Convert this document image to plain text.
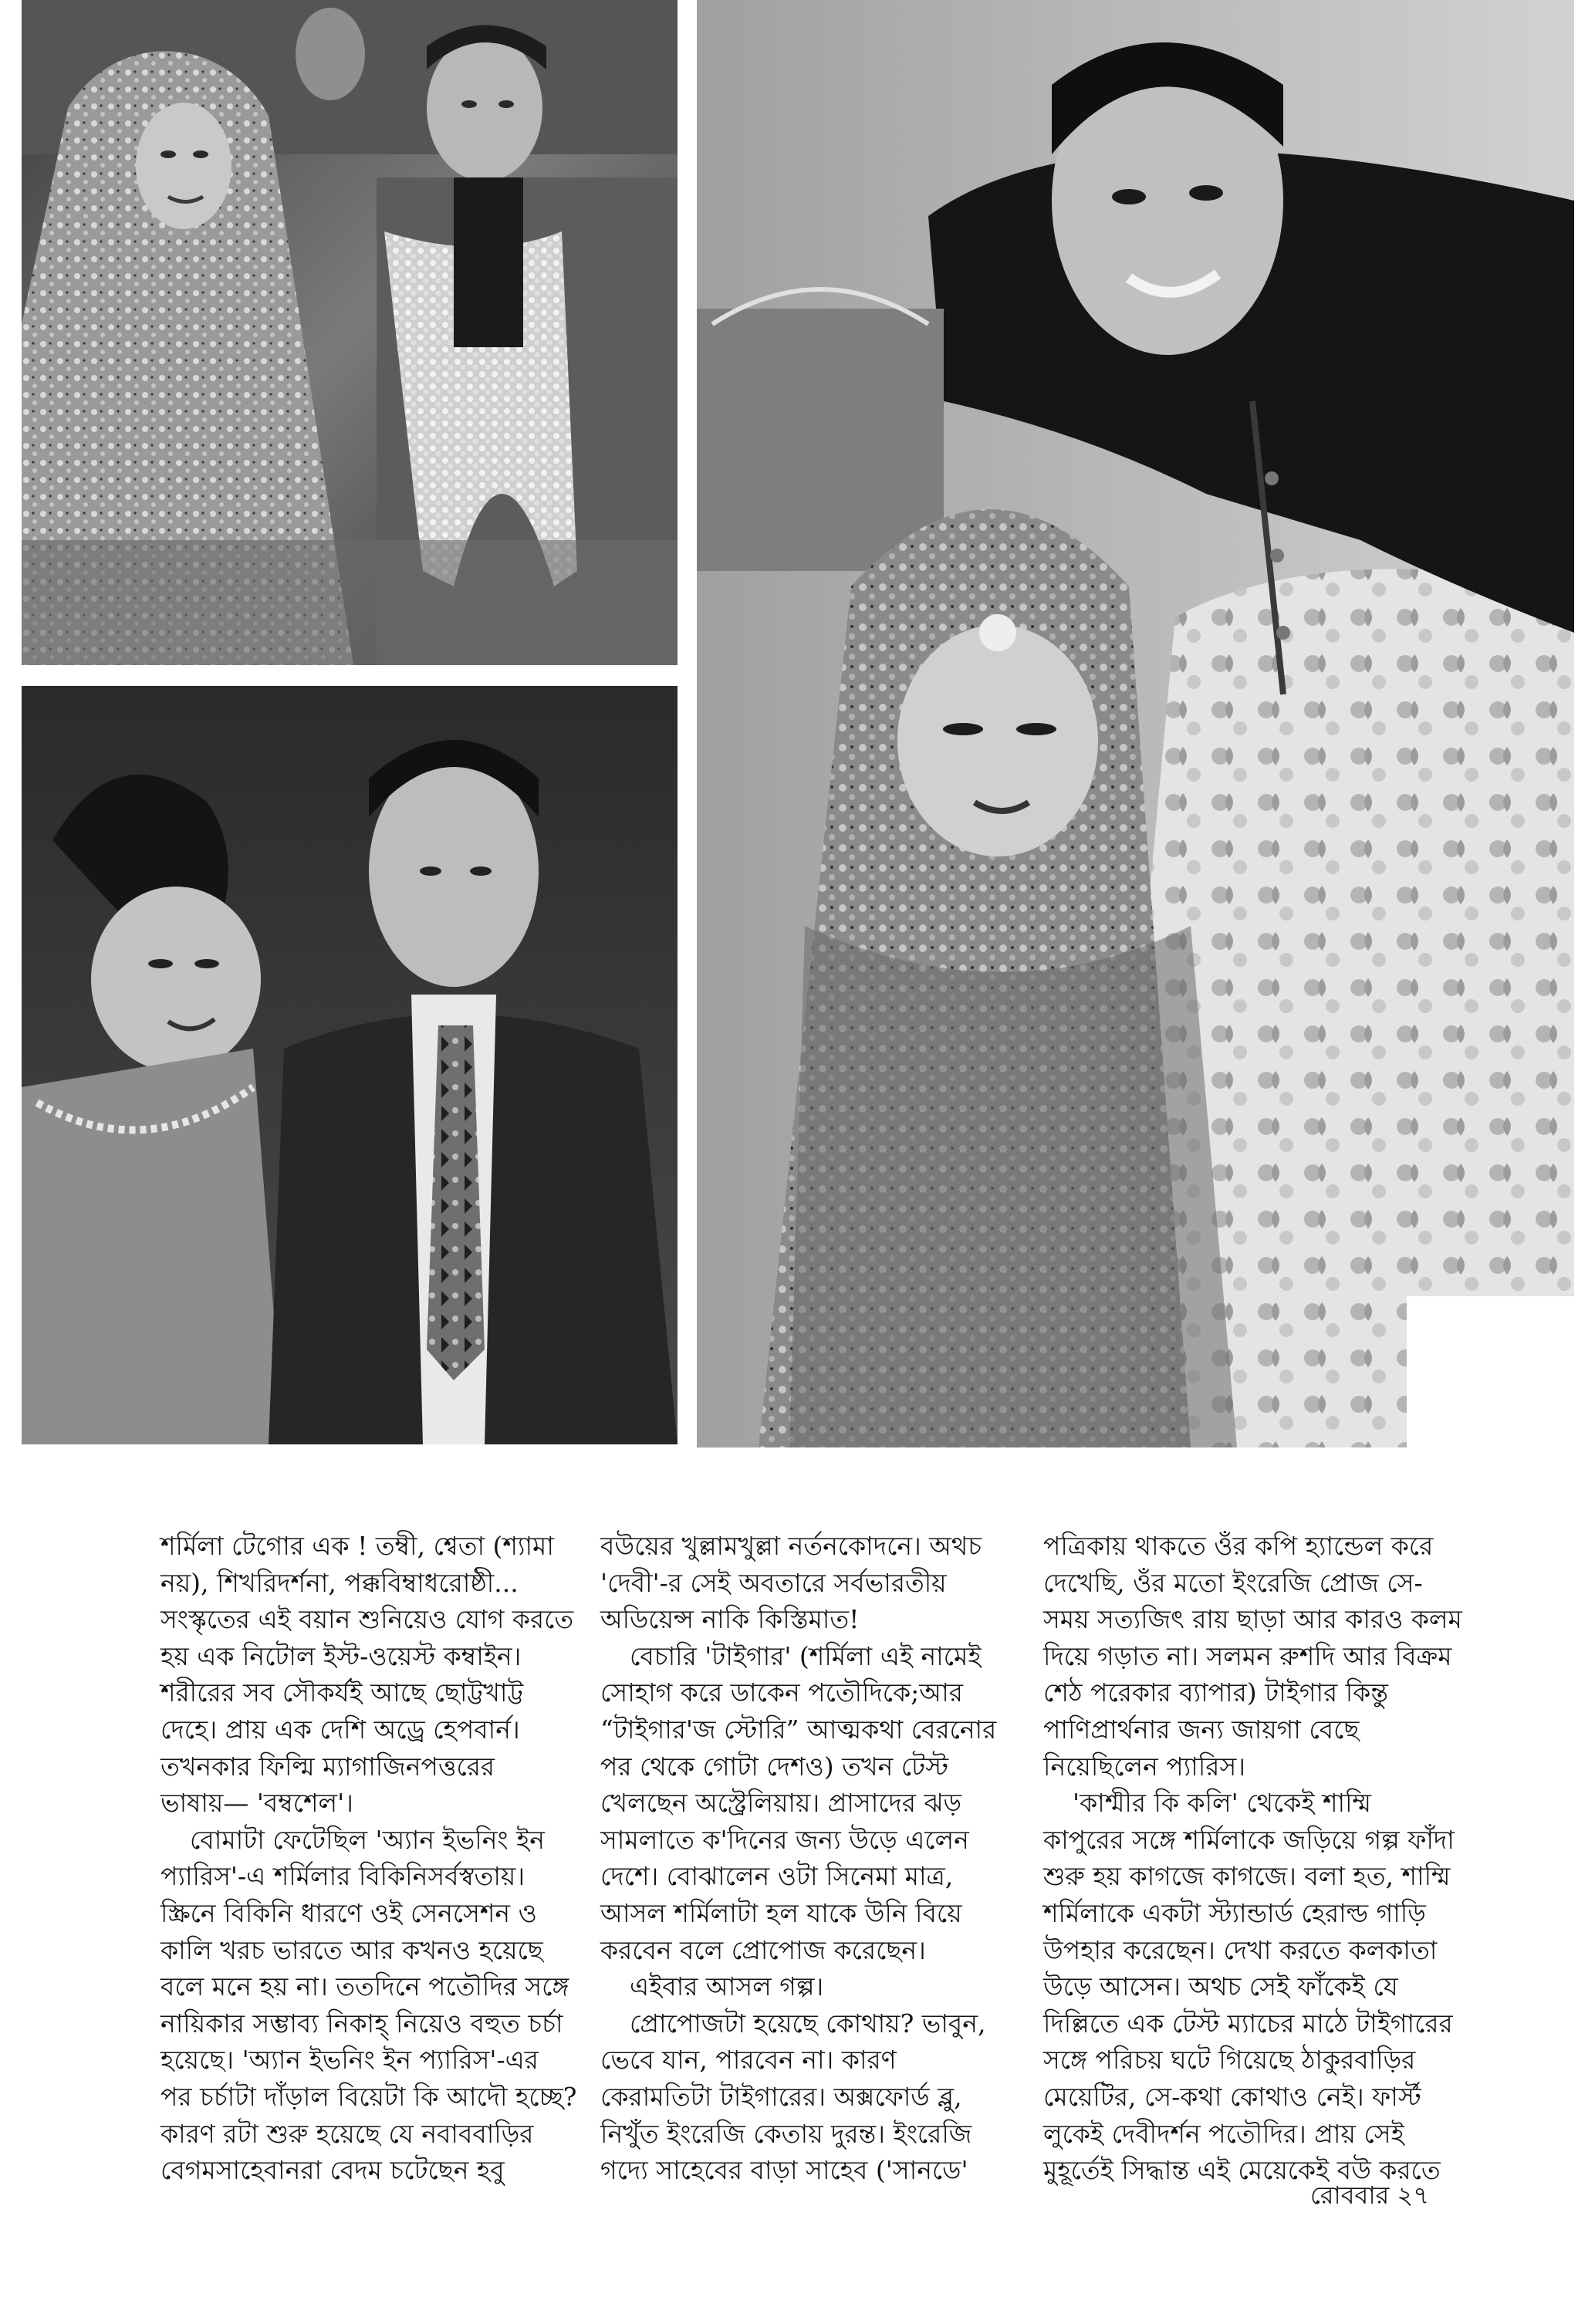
শর্মিলা টেগোর এক ! তম্বী, শ্বেতা (শ্যামা
নয়), শিখরিদর্শনা, পক্কবিম্বাধরোষ্ঠী...
সংস্কৃতের এই বয়ান শুনিয়েও যোগ করতে
হয় এক নিটোল ইস্ট-ওয়েস্ট কম্বাইন।
শরীরের সব সৌকর্যই আছে ছোট্টখাট্ট
দেহে। প্রায় এক দেশি অড্রে হেপবার্ন।
তখনকার ফিল্মি ম্যাগাজিনপত্তরের
ভাষায়— 'বম্বশেল'।
বোমাটা ফেটেছিল 'অ্যান ইভনিং ইন
প্যারিস'-এ শর্মিলার বিকিনিসর্বস্বতায়।
স্ক্রিনে বিকিনি ধারণে ওই সেনসেশন ও
কালি খরচ ভারতে আর কখনও হয়েছে
বলে মনে হয় না। ততদিনে পতৌদির সঙ্গে
নায়িকার সম্ভাব্য নিকাহ্ নিয়েও বহুত চর্চা
হয়েছে। 'অ্যান ইভনিং ইন প্যারিস'-এর
পর চর্চাটা দাঁড়াল বিয়েটা কি আদৌ হচ্ছে?
কারণ রটা শুরু হয়েছে যে নবাববাড়ির
বেগমসাহেবানরা বেদম চটেছেন হবু
বউয়ের খুল্লামখুল্লা নর্তনকোদনে। অথচ
'দেবী'-র সেই অবতারে সর্বভারতীয়
অডিয়েন্স নাকি কিস্তিমাত!
বেচারি 'টাইগার' (শর্মিলা এই নামেই
সোহাগ করে ডাকেন পতৌদিকে;আর
“টাইগার'জ স্টোরি” আত্মকথা বেরনোর
পর থেকে গোটা দেশও) তখন টেস্ট
খেলছেন অস্ট্রেলিয়ায়। প্রাসাদের ঝড়
সামলাতে ক'দিনের জন্য উড়ে এলেন
দেশে। বোঝালেন ওটা সিনেমা মাত্র,
আসল শর্মিলাটা হল যাকে উনি বিয়ে
করবেন বলে প্রোপোজ করেছেন।
এইবার আসল গল্প।
প্রোপোজটা হয়েছে কোথায়? ভাবুন,
ভেবে যান, পারবেন না। কারণ
কেরামতিটা টাইগারের। অক্সফোর্ড ব্লু,
নিখুঁত ইংরেজি কেতায় দুরন্ত। ইংরেজি
গদ্যে সাহেবের বাড়া সাহেব ('সানডে'
পত্রিকায় থাকতে ওঁর কপি হ্যান্ডেল করে
দেখেছি, ওঁর মতো ইংরেজি প্রোজ সে-
সময় সত্যজিৎ রায় ছাড়া আর কারও কলম
দিয়ে গড়াত না। সলমন রুশদি আর বিক্রম
শেঠ পরেকার ব্যাপার) টাইগার কিন্তু
পাণিপ্রার্থনার জন্য জায়গা বেছে
নিয়েছিলেন প্যারিস।
'কাশ্মীর কি কলি' থেকেই শাম্মি
কাপুরের সঙ্গে শর্মিলাকে জড়িয়ে গল্প ফাঁদা
শুরু হয় কাগজে কাগজে। বলা হত, শাম্মি
শর্মিলাকে একটা স্ট্যান্ডার্ড হেরাল্ড গাড়ি
উপহার করেছেন। দেখা করতে কলকাতা
উড়ে আসেন। অথচ সেই ফাঁকেই যে
দিল্লিতে এক টেস্ট ম্যাচের মাঠে টাইগারের
সঙ্গে পরিচয় ঘটে গিয়েছে ঠাকুরবাড়ির
মেয়েটির, সে-কথা কোথাও নেই। ফার্স্ট
লুকেই দেবীদর্শন পতৌদির। প্রায় সেই
মুহূর্তেই সিদ্ধান্ত এই মেয়েকেই বউ করতে
রোববার ২৭
